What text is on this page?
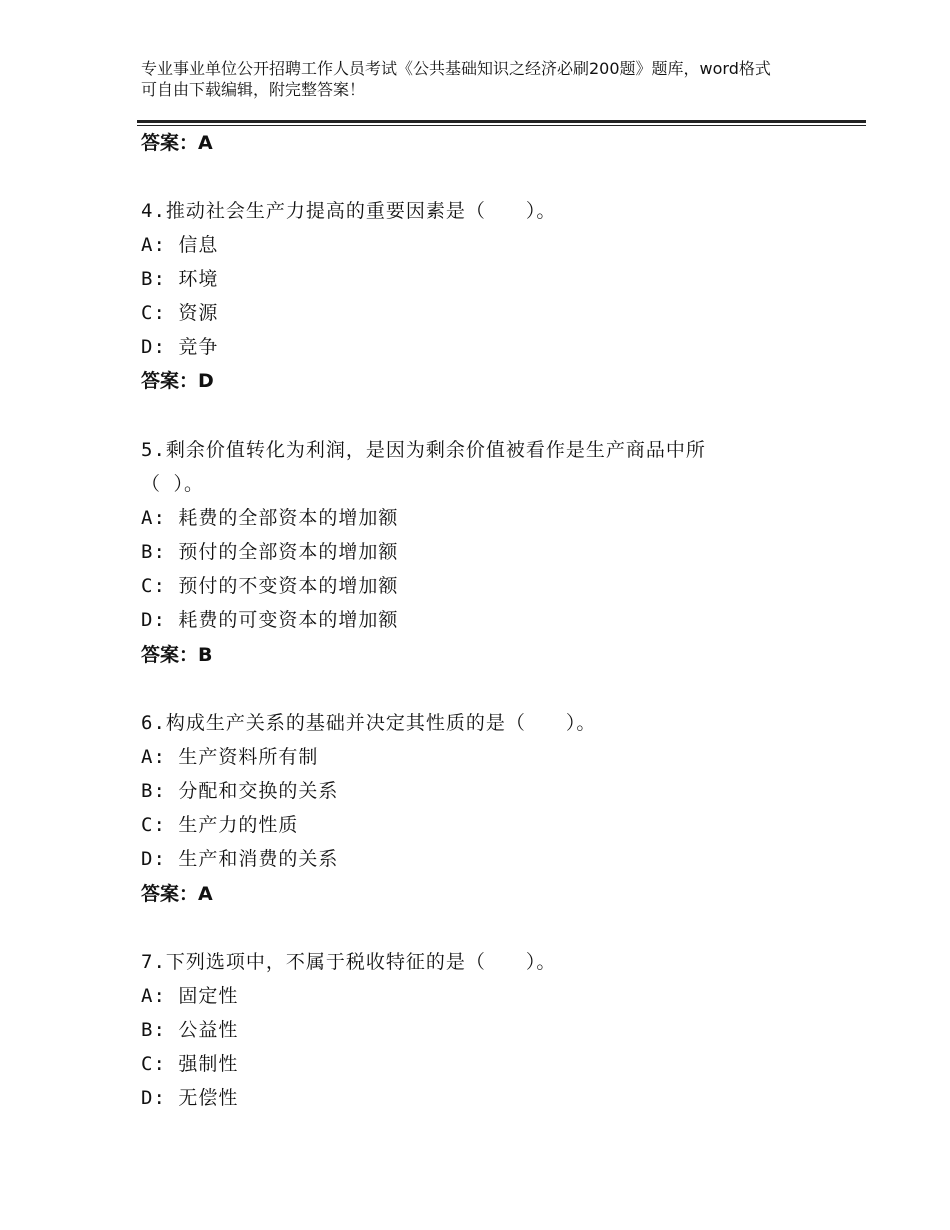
专业事业单位公开招聘工作人员考试《公共基础知识之经济必刷200题》题库，word格式可自由下载编辑，附完整答案！
答案：A
4.推动社会生产力提高的重要因素是（　　）。
A: 信息
B: 环境
C: 资源
D: 竞争
答案：D
5.剩余价值转化为利润，是因为剩余价值被看作是生产商品中所
（ ）。
A: 耗费的全部资本的增加额
B: 预付的全部资本的增加额
C: 预付的不变资本的增加额
D: 耗费的可变资本的增加额
答案：B
6.构成生产关系的基础并决定其性质的是（　　）。
A: 生产资料所有制
B: 分配和交换的关系
C: 生产力的性质
D: 生产和消费的关系
答案：A
7.下列选项中，不属于税收特征的是（　　）。
A: 固定性
B: 公益性
C: 强制性
D: 无偿性
